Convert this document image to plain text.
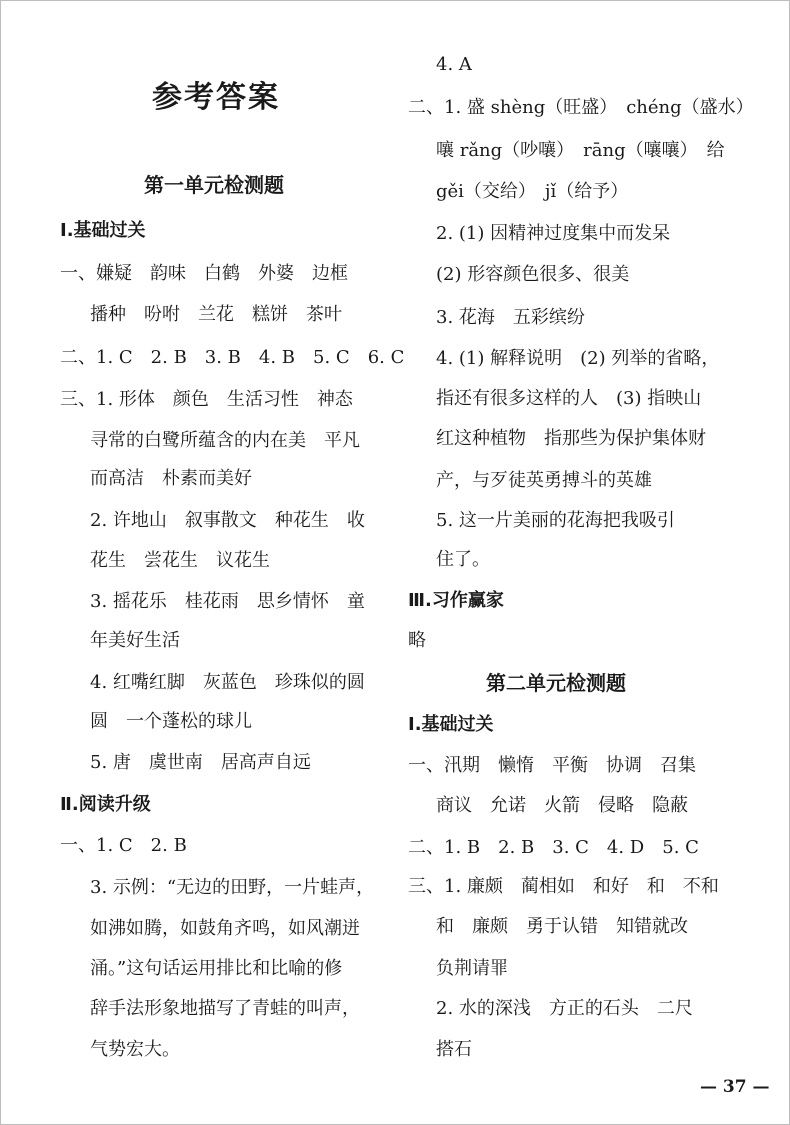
参考答案
第一单元检测题
Ⅰ.基础过关
一、嫌疑　韵味　白鹤　外婆　边框
播种　吩咐　兰花　糕饼　茶叶
二、1. C　2. B　3. B　4. B　5. C　6. C
三、1. 形体　颜色　生活习性　神态
寻常的白鹭所蕴含的内在美　平凡
而高洁　朴素而美好
2. 许地山　叙事散文　种花生　收
花生　尝花生　议花生
3. 摇花乐　桂花雨　思乡情怀　童
年美好生活
4. 红嘴红脚　灰蓝色　珍珠似的圆
圆　一个蓬松的球儿
5. 唐　虞世南　居高声自远
Ⅱ.阅读升级
一、1. C　2. B
3. 示例：“无边的田野，一片蛙声，
如沸如腾，如鼓角齐鸣，如风潮迸
涌。”这句话运用排比和比喻的修
辞手法形象地描写了青蛙的叫声，
气势宏大。
4. A
二、1. 盛 shèng（旺盛）　chéng（盛水）
嚷 rǎng（吵嚷）　rāng（嚷嚷）　给
gěi（交给）　jǐ（给予）
2. (1) 因精神过度集中而发呆
(2) 形容颜色很多、很美
3. 花海　五彩缤纷
4. (1) 解释说明　(2) 列举的省略，
指还有很多这样的人　(3) 指映山
红这种植物　指那些为保护集体财
产，与歹徒英勇搏斗的英雄
5. 这一片美丽的花海把我吸引
住了。
Ⅲ.习作赢家
略
第二单元检测题
Ⅰ.基础过关
一、汛期　懒惰　平衡　协调　召集
商议　允诺　火箭　侵略　隐蔽
二、1. B　2. B　3. C　4. D　5. C
三、1. 廉颇　蔺相如　和好　和　不和
和　廉颇　勇于认错　知错就改
负荆请罪
2. 水的深浅　方正的石头　二尺
搭石
— 37 —
